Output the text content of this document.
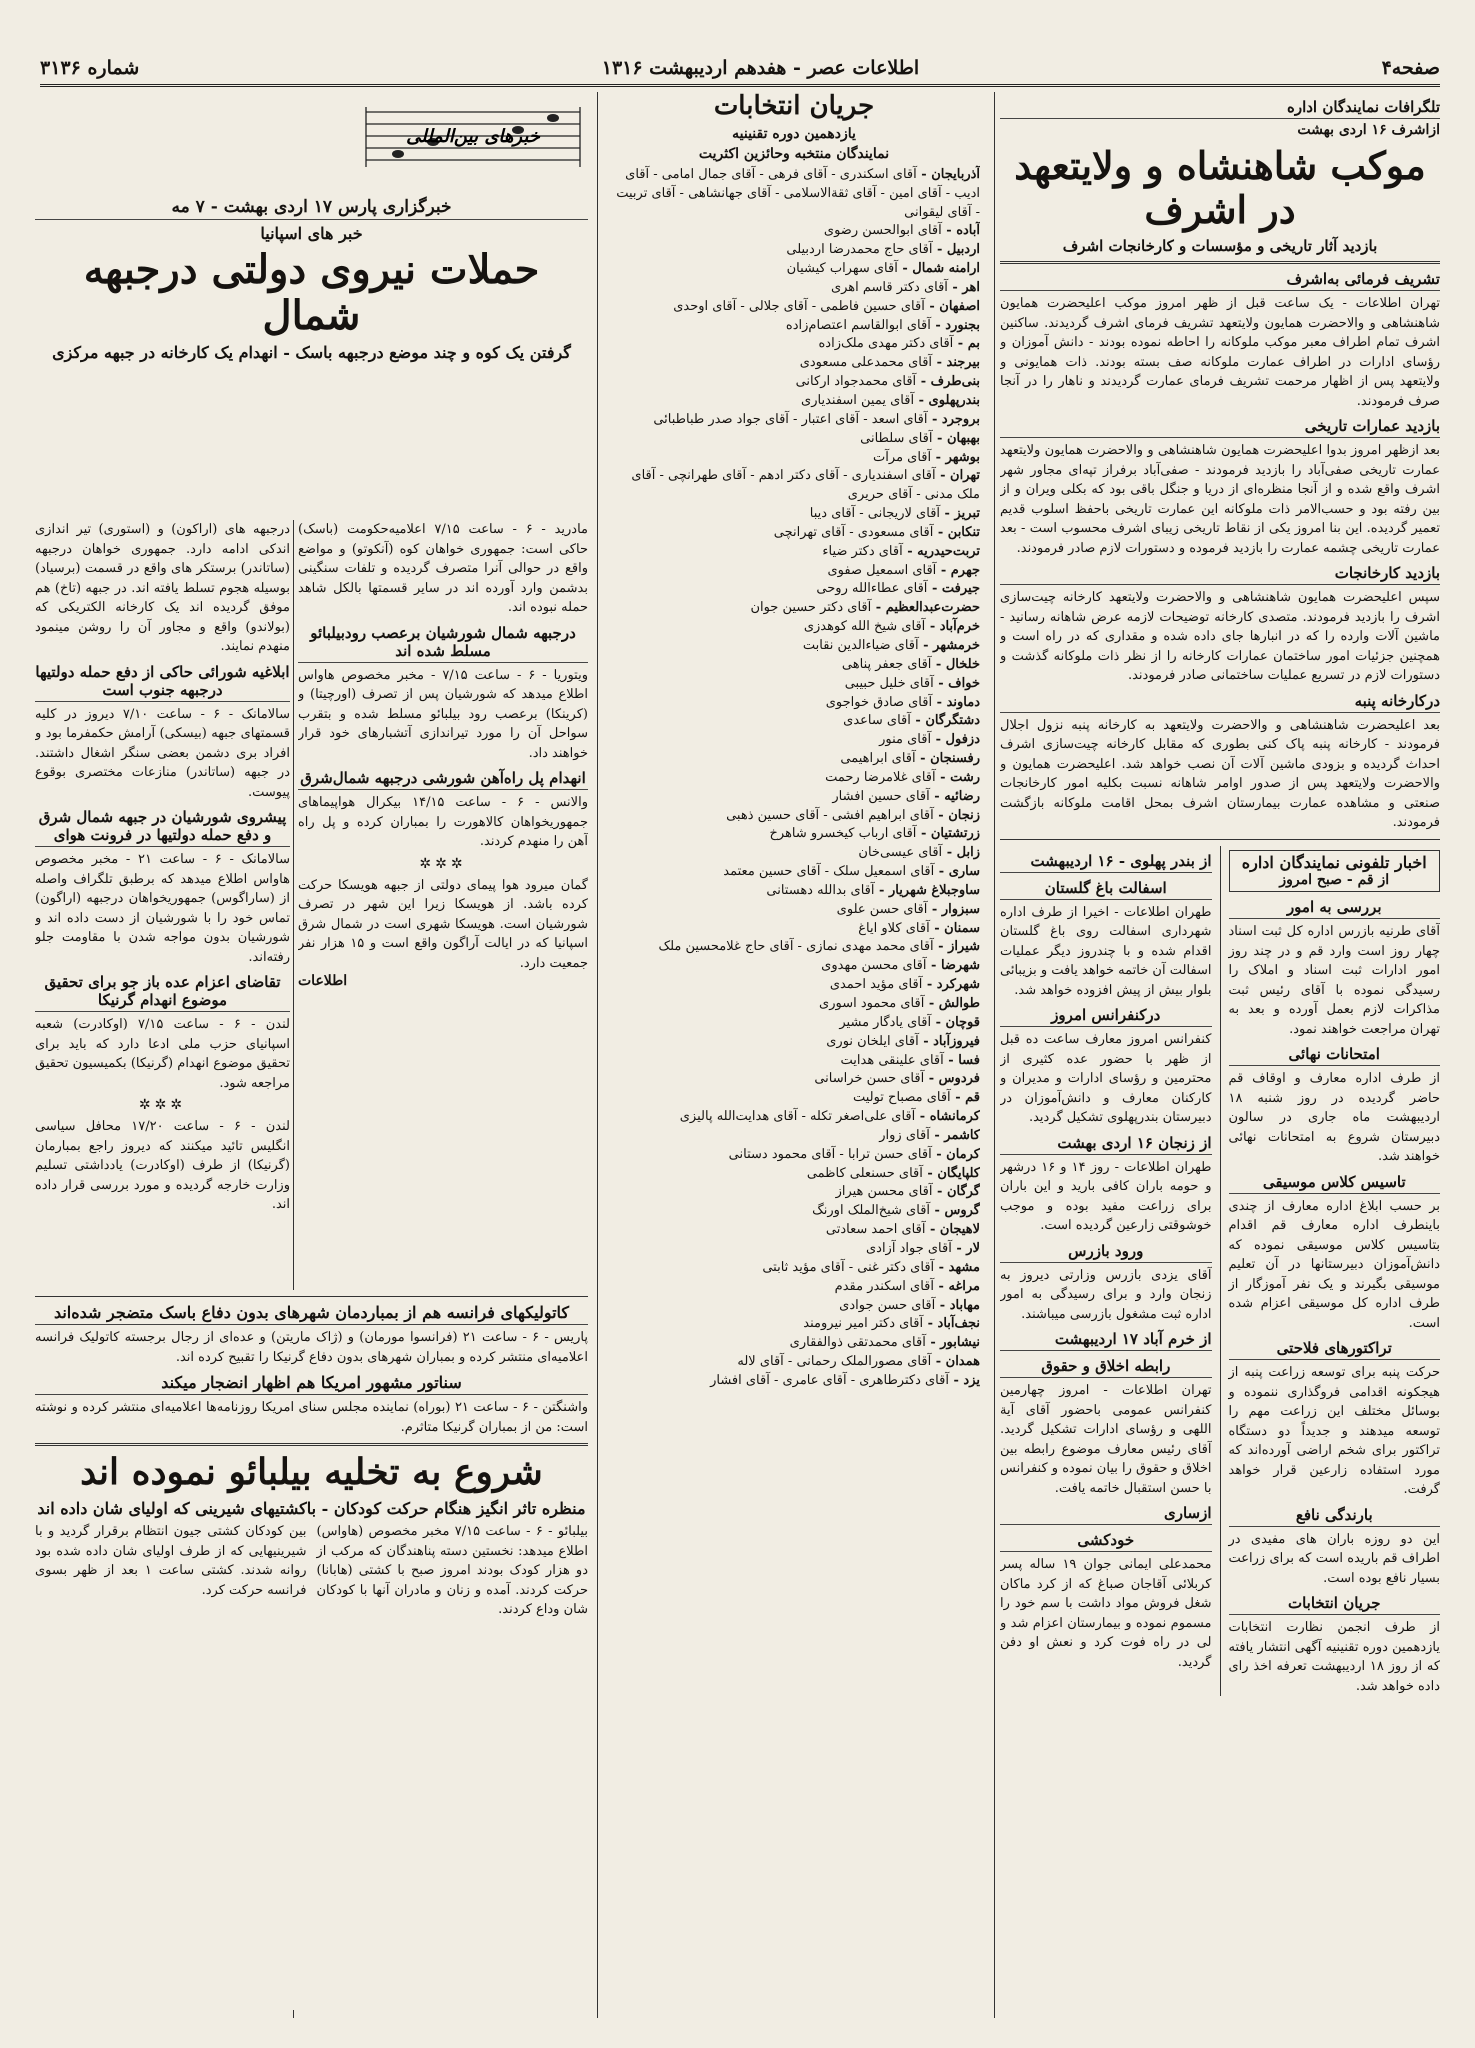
صفحه۴
اطلاعات عصر - هفدهم اردیبهشت ۱۳۱۶
شماره ۳۱۳۶
تلگرافات نمایندگان اداره
ازاشرف ۱۶ اردی بهشت
موکب شاهنشاه و ولایتعهد در اشرف
بازدید آثار تاریخی و مؤسسات و کارخانجات اشرف
تشریف فرمائی به‌اشرف

تهران اطلاعات - یک ساعت قبل از ظهر امروز موکب اعلیحضرت همایون شاهنشاهی و والاحضرت همایون ولایتعهد تشریف فرمای اشرف گردیدند. ساکنین اشرف تمام اطراف معبر موکب ملوکانه را احاطه نموده بودند - دانش آموزان و رؤسای ادارات در اطراف عمارت ملوکانه صف بسته بودند. ذات همایونی و ولایتعهد پس از اظهار مرحمت تشریف فرمای عمارت گردیدند و ناهار را در آنجا صرف فرمودند.

بازدید عمارات تاریخی

بعد ازظهر امروز بدوا اعلیحضرت همایون شاهنشاهی و والاحضرت همایون ولایتعهد عمارت تاریخی صفی‌آباد را بازدید فرمودند - صفی‌آباد برفراز تپه‌ای مجاور شهر اشرف واقع شده و از آنجا منظره‌ای از دریا و جنگل باقی بود که بکلی ویران و از بین رفته بود و حسب‌الامر ذات ملوکانه این عمارت تاریخی باحفظ اسلوب قدیم تعمیر گردیده. این بنا امروز یکی از نقاط تاریخی زیبای اشرف محسوب است - بعد عمارت تاریخی چشمه عمارت را بازدید فرموده و دستورات لازم صادر فرمودند.

بازدید کارخانجات

سپس اعلیحضرت همایون شاهنشاهی و والاحضرت ولایتعهد کارخانه چیت‌سازی اشرف را بازدید فرمودند. متصدی کارخانه توضیحات لازمه عرض شاهانه رسانید - ماشین آلات وارده را که در انبارها جای داده شده و مقداری که در راه است و همچنین جزئیات امور ساختمان عمارات کارخانه را از نظر ذات ملوکانه گذشت و دستورات لازم در تسریع عملیات ساختمانی صادر فرمودند.

درکارخانه پنبه

بعد اعلیحضرت شاهنشاهی و والاحضرت ولایتعهد به کارخانه پنبه نزول اجلال فرمودند - کارخانه پنبه پاک کنی بطوری که مقابل کارخانه چیت‌سازی اشرف احداث گردیده و بزودی ماشین آلات آن نصب خواهد شد. اعلیحضرت همایون و والاحضرت ولایتعهد پس از صدور اوامر شاهانه نسبت بکلیه امور کارخانجات صنعتی و مشاهده عمارت بیمارستان اشرف بمحل اقامت ملوکانه بازگشت فرمودند.

اخبار تلفونی نمایندگان اداره
از قم - صبح امروز
بررسی به امور

آقای طرنیه بازرس اداره کل ثبت اسناد چهار روز است وارد قم و در چند روز امور ادارات ثبت اسناد و املاک را رسیدگی نموده با آقای رئیس ثبت مذاکرات لازم بعمل آورده و بعد به تهران مراجعت خواهند نمود.

امتحانات نهائی

از طرف اداره معارف و اوقاف قم حاضر گردیده در روز شنبه ۱۸ اردیبهشت ماه جاری در سالون دبیرستان شروع به امتحانات نهائی خواهند شد.

تاسیس کلاس موسیقی

بر حسب ابلاغ اداره معارف از چندی باینطرف اداره معارف قم اقدام بتاسیس کلاس موسیقی نموده که دانش‌آموزان دبیرستانها در آن تعلیم موسیقی بگیرند و یک نفر آموزگار از طرف اداره کل موسیقی اعزام شده است.

تراکتورهای فلاحتی

حرکت پنبه برای توسعه زراعت پنبه از هیجکونه اقدامی فروگذاری ننموده و بوسائل مختلف این زراعت مهم را توسعه میدهند و جدیداً دو دستگاه تراکتور برای شخم اراضی آورده‌اند که مورد استفاده زارعین قرار خواهد گرفت.

بارندگی نافع

این دو روزه باران های مفیدی در اطراف قم باریده است که برای زراعت بسیار نافع بوده است.

جریان انتخابات

از طرف انجمن نظارت انتخابات یازدهمین دوره تقنینیه آگهی انتشار یافته که از روز ۱۸ اردیبهشت تعرفه اخذ رای داده خواهد شد.

از بندر پهلوی - ۱۶ اردیبهشت
اسفالت باغ گلستان

طهران اطلاعات - اخیرا از طرف اداره شهرداری اسفالت روی باغ گلستان اقدام شده و با چندروز دیگر عملیات اسفالت آن خاتمه خواهد یافت و بزیبائی بلوار بیش از پیش افزوده خواهد شد.

درکنفرانس امروز

کنفرانس امروز معارف ساعت ده قبل از ظهر با حضور عده کثیری از محترمین و رؤسای ادارات و مدیران و کارکنان معارف و دانش‌آموزان در دبیرستان بندرپهلوی تشکیل گردید.

از زنجان ۱۶ اردی بهشت

طهران اطلاعات - روز ۱۴ و ۱۶ درشهر و حومه باران کافی بارید و این باران برای زراعت مفید بوده و موجب خوشوقتی زارعین گردیده است.

ورود بازرس

آقای یزدی بازرس وزارتی دیروز به زنجان وارد و برای رسیدگی به امور اداره ثبت مشغول بازرسی میباشند.

از خرم آباد ۱۷ اردیبهشت
رابطه اخلاق و حقوق

تهران اطلاعات - امروز چهارمین کنفرانس عمومی باحضور آقای آیة اللهی و رؤسای ادارات تشکیل گردید. آقای رئیس معارف موضوع رابطه بین اخلاق و حقوق را بیان نموده و کنفرانس با حسن استقبال خاتمه یافت.

ازساری
خودکشی

محمدعلی ایمانی جوان ۱۹ ساله پسر کربلائی آقاجان صباغ که از کرد ماکان شغل فروش مواد داشت با سم خود را مسموم نموده و بیمارستان اعزام شد و لی در راه فوت کرد و نعش او دفن گردید.

جریان انتخابات
یازدهمین دوره تقنینیه
نمایندگان منتخبه وحائزین اکثریت

آذربایجان - آقای اسکندری - آقای فرهی - آقای جمال امامی - آقای ادیب - آقای امین - آقای ثقة‌الاسلامی - آقای جهانشاهی - آقای تربیت - آقای لیقوانی

آباده - آقای ابوالحسن رضوی

اردبیل - آقای حاج محمدرضا اردبیلی

ارامنه شمال - آقای سهراب کیشیان

اهر - آقای دکتر قاسم اهری

اصفهان - آقای حسین فاطمی - آقای جلالی - آقای اوحدی

بجنورد - آقای ابوالقاسم اعتصام‌زاده

بم - آقای دکتر مهدی ملک‌زاده

بیرجند - آقای محمدعلی مسعودی

بنی‌طرف - آقای محمدجواد ارکانی

بندرپهلوی - آقای یمین اسفندیاری

بروجرد - آقای اسعد - آقای اعتبار - آقای جواد صدر طباطبائی

بهبهان - آقای سلطانی

بوشهر - آقای مرآت

تهران - آقای اسفندیاری - آقای دکتر ادهم - آقای طهرانچی - آقای ملک مدنی - آقای حریری

تبریز - آقای لاریجانی - آقای دیبا

تنکابن - آقای مسعودی - آقای تهرانچی

تربت‌حیدریه - آقای دکتر ضیاء

جهرم - آقای اسمعیل صفوی

جیرفت - آقای عطاءالله روحی

حضرت‌عبدالعظیم - آقای دکتر حسین جوان

خرم‌آباد - آقای شیخ الله کوهدزی

خرمشهر - آقای ضیاءالدین نقابت

خلخال - آقای جعفر پناهی

خواف - آقای خلیل حبیبی

دماوند - آقای صادق خواجوی

دشتگرگان - آقای ساعدی

دزفول - آقای منور

رفسنجان - آقای ابراهیمی

رشت - آقای غلامرضا رحمت

رضائیه - آقای حسین افشار

زنجان - آقای ابراهیم افشی - آقای حسین ذهبی

زرتشتیان - آقای ارباب کیخسرو شاهرخ

زابل - آقای عیسی‌خان

ساری - آقای اسمعیل سلک - آقای حسین معتمد

ساوجبلاغ شهریار - آقای بدالله دهستانی

سبزوار - آقای حسن علوی

سمنان - آقای کلاو ایاغ

شیراز - آقای محمد مهدی نمازی - آقای حاج غلامحسین ملک

شهرضا - آقای محسن مهدوی

شهرکرد - آقای مؤید احمدی

طوالش - آقای محمود اسوری

قوچان - آقای یادگار مشیر

فیروزآباد - آقای ایلخان نوری

فسا - آقای علینقی هدایت

فردوس - آقای حسن خراسانی

قم - آقای مصباح تولیت

کرمانشاه - آقای علی‌اصغر تکله - آقای هدایت‌الله پالیزی

کاشمر - آقای زوار

کرمان - آقای حسن ترابا - آقای محمود دستانی

کلپایگان - آقای حسنعلی کاظمی

گرگان - آقای محسن هیراز

گروس - آقای شیخ‌الملک اورنگ

لاهیجان - آقای احمد سعادتی

لار - آقای جواد آزادی

مشهد - آقای دکتر غنی - آقای مؤید ثابتی

مراغه - آقای اسکندر مقدم

مهاباد - آقای حسن جوادی

نجف‌آباد - آقای دکتر امیر نیرومند

نیشابور - آقای محمدتقی ذوالفقاری

همدان - آقای مصورالملک رحمانی - آقای لاله

یزد - آقای دکترطاهری - آقای عامری - آقای افشار

خبرهای بین‌المللی
خبرگزاری پارس ۱۷ اردی بهشت - ۷ مه
خبر های اسپانیا
حملات نیروی دولتی درجبهه شمال
گرفتن یک کوه و چند موضع درجبهه باسک - انهدام یک کارخانه در جبهه مرکزی

مادرید - ۶ - ساعت ۷/۱۵ اعلامیه‌حکومت (باسک) حاکی است: جمهوری خواهان کوه (آنکوتو) و مواضع واقع در حوالی آنرا متصرف گردیده و تلفات سنگینی بدشمن وارد آورده اند در سایر قسمتها بالکل شاهد حمله نبوده اند.

درجبهه شمال شورشیان برعصب رودبیلبائو مسلط شده اند

ویتوریا - ۶ - ساعت ۷/۱۵ - مخبر مخصوص هاواس اطلاع میدهد که شورشیان پس از تصرف (اورچیتا) و (کرینکا) برعصب رود بیلبائو مسلط شده و بتقرب سواحل آن را مورد تیراندازی آتشبارهای خود قرار خواهند داد.

انهدام پل راه‌آهن شورشی درجبهه شمال‌شرق

والانس - ۶ - ساعت ۱۴/۱۵ بیکرال هواپیماهای جمهوریخواهان کالاهورت را بمباران کرده و پل راه آهن را منهدم کردند.

✲✲✲

گمان میرود هوا پیمای دولتی از جبهه هویسکا حرکت کرده باشد. از هویسکا زیرا این شهر در تصرف شورشیان است. هویسکا شهری است در شمال شرق اسپانیا که در ایالت آراگون واقع است و ۱۵ هزار نفر جمعیت دارد.

اطلاعات

درجبهه های (اراکون) و (استوری) تیر اندازی اندکی ادامه دارد. جمهوری خواهان درجبهه (ساتاندر) برستکر های واقع در قسمت (برسیاد) بوسیله هجوم تسلط یافته اند. در جبهه (تاخ) هم موفق گردیده اند یک کارخانه الکتریکی که (بولاندو) واقع و مجاور آن را روشن مینمود منهدم نمایند.

ابلاغیه شورائی حاکی از دفع حمله دولتیها درجبهه جنوب است

سالامانک - ۶ - ساعت ۷/۱۰ دیروز در کلیه قسمتهای جبهه (بیسکی) آرامش حکمفرما بود و افراد بری دشمن بعضی سنگر اشغال داشتند. در جبهه (ساتاندر) منازعات مختصری بوقوع پیوست.

پیشروی شورشیان در جبهه شمال شرق و دفع حمله دولتیها در فرونت هوای

سالامانک - ۶ - ساعت ۲۱ - مخبر مخصوص هاواس اطلاع میدهد که برطبق تلگراف واصله از (ساراگوس) جمهوریخواهان درجبهه (اراگون) تماس خود را با شورشیان از دست داده اند و شورشیان بدون مواجه شدن با مقاومت جلو رفته‌اند.

تقاضای اعزام عده باز جو برای تحقیق موضوع انهدام گرنیکا

لندن - ۶ - ساعت ۷/۱۵ (اوکادرت) شعبه اسپانیای حزب ملی ادعا دارد که باید برای تحقیق موضوع انهدام (گرنیکا) بکمیسیون تحقیق مراجعه شود.

✲✲✲

لندن - ۶ - ساعت ۱۷/۲۰ محافل سیاسی انگلیس تائید میکنند که دیروز راجع بمبارمان (گرنیکا) از طرف (اوکادرت) یادداشتی تسلیم وزارت خارجه گردیده و مورد بررسی قرار داده اند.

کاتولیکهای فرانسه هم از بمباردمان شهرهای بدون دفاع باسک متضجر شده‌اند

پاریس - ۶ - ساعت ۲۱ (فرانسوا مورمان) و (ژاک ماریتن) و عده‌ای از رجال برجسته کاتولیک فرانسه اعلامیه‌ای منتشر کرده و بمباران شهرهای بدون دفاع گرنیکا را تقبیح کرده اند.

سناتور مشهور امریکا هم اظهار انضجار میکند

واشنگتن - ۶ - ساعت ۲۱ (بوراه) نماینده مجلس سنای امریکا روزنامه‌ها اعلامیه‌ای منتشر کرده و نوشته است: من از بمباران گرنیکا متاثرم.

شروع به تخلیه بیلبائو نموده اند
منظره تاثر انگیز هنگام حرکت کودکان - باکشتیهای شیرینی که اولیای شان داده اند

بیلبائو - ۶ - ساعت ۷/۱۵ مخبر مخصوص (هاواس) اطلاع میدهد: نخستین دسته پناهندگان که مرکب از دو هزار کودک بودند امروز صبح با کشتی (هابانا) حرکت کردند. آمده و زنان و مادران آنها با کودکان شان وداع کردند.

بین کودکان کشتی جیون انتظام برقرار گردید و با شیرینیهایی که از طرف اولیای شان داده شده بود روانه شدند. کشتی ساعت ۱ بعد از ظهر بسوی فرانسه حرکت کرد.
